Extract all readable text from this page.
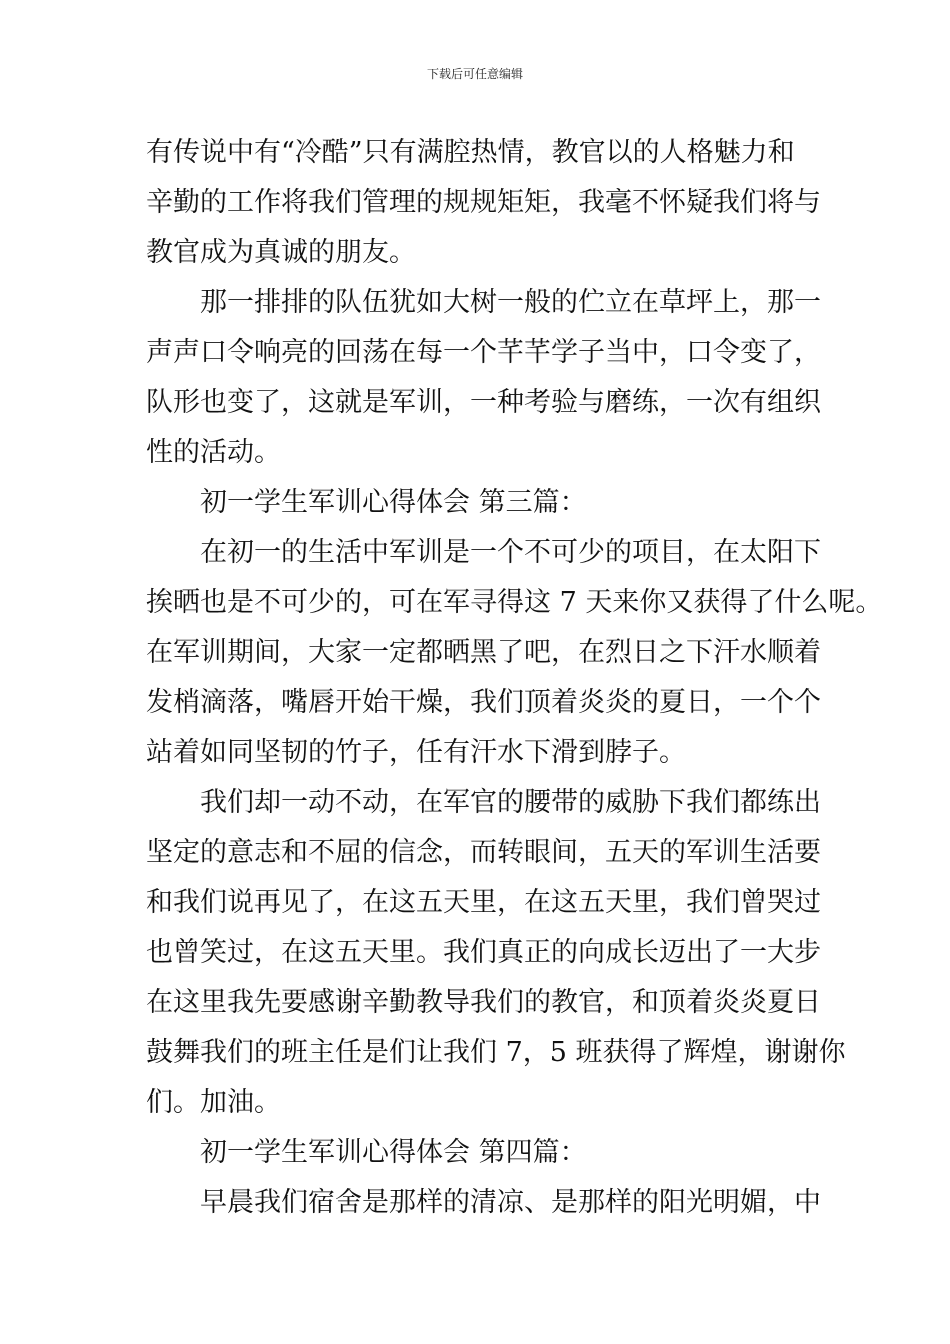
下载后可任意编辑

有传说中有“冷酷”只有满腔热情，教官以的人格魅力和

辛勤的工作将我们管理的规规矩矩，我毫不怀疑我们将与

教官成为真诚的朋友。

那一排排的队伍犹如大树一般的伫立在草坪上，那一

声声口令响亮的回荡在每一个芊芊学子当中，口令变了，

队形也变了，这就是军训，一种考验与磨练，一次有组织

性的活动。

初一学生军训心得体会 第三篇：

在初一的生活中军训是一个不可少的项目，在太阳下

挨晒也是不可少的，可在军寻得这 7 天来你又获得了什么呢。

在军训期间，大家一定都晒黑了吧，在烈日之下汗水顺着

发梢滴落，嘴唇开始干燥，我们顶着炎炎的夏日，一个个

站着如同坚韧的竹子，任有汗水下滑到脖子。

我们却一动不动，在军官的腰带的威胁下我们都练出

坚定的意志和不屈的信念，而转眼间，五天的军训生活要

和我们说再见了，在这五天里，在这五天里，我们曾哭过

也曾笑过，在这五天里。我们真正的向成长迈出了一大步

在这里我先要感谢辛勤教导我们的教官，和顶着炎炎夏日

鼓舞我们的班主任是们让我们 7，5 班获得了辉煌，谢谢你

们。加油。

初一学生军训心得体会 第四篇：

早晨我们宿舍是那样的清凉、是那样的阳光明媚，中
